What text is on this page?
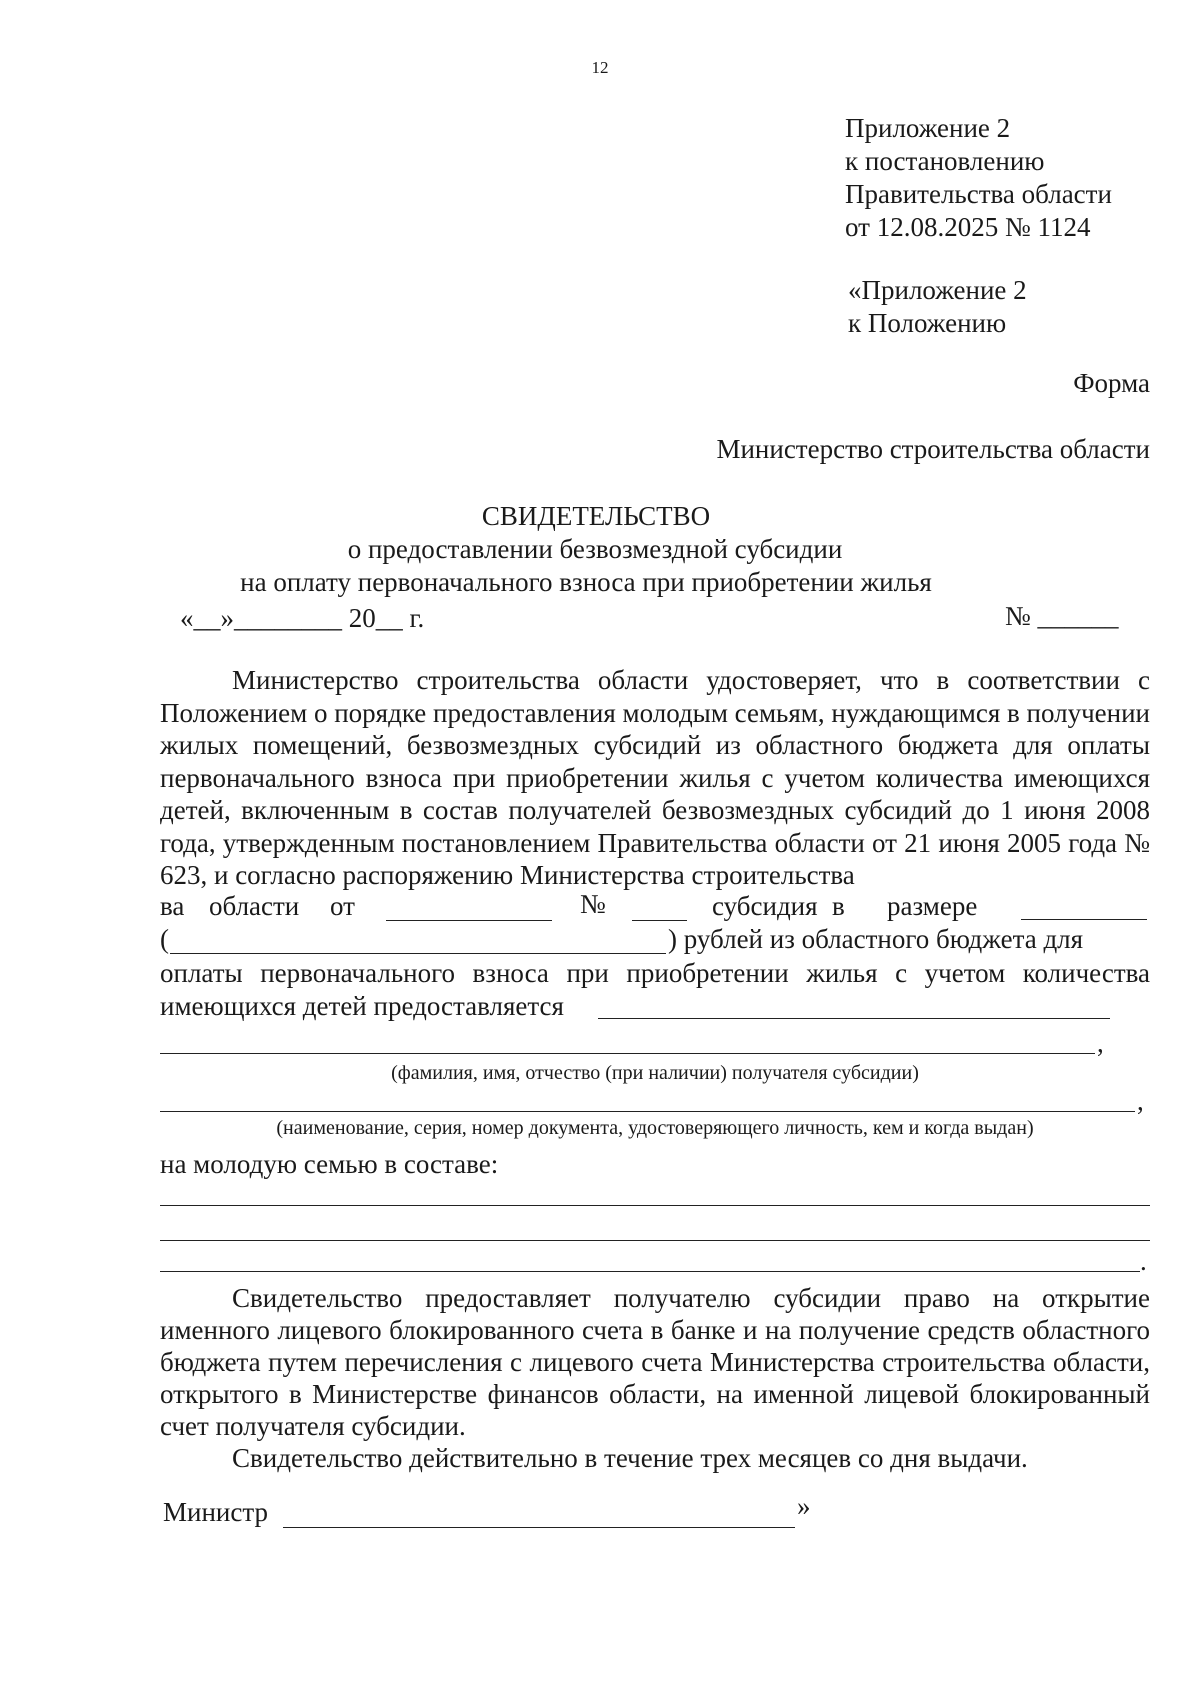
12
Приложение 2
к постановлению
Правительства области
от 12.08.2025 № 1124
«Приложение 2
к Положению
Форма
Министерство строительства области
СВИДЕТЕЛЬСТВО
о предоставлении безвозмездной субсидии
на оплату первоначального взноса при приобретении жилья
«__»________ 20__ г.	№ ______

Министерство строительства области удостоверяет, что в соответствии с Положением о порядке предоставления молодым семьям, нуждающимся в получении жилых помещений, безвозмездных субсидий из областного бюджета для оплаты первоначального взноса при приобретении жилья с учетом количества имеющихся детей, включенным в состав получателей безвозмездных субсидий до 1 июня 2008 года, утвержденным постановлением Правительства области от 21 июня 2005 года № 623, и согласно распоряжению Министерства строительства

ва области от	№	субсидия в размере
(	) рублей из областного бюджета для
оплаты первоначального взноса при приобретении жилья с учетом количества
имеющихся детей предоставляется
,
(фамилия, имя, отчество (при наличии) получателя субсидии)
,
(наименование, серия, номер документа, удостоверяющего личность, кем и когда выдан)
на молодую семью в составе:
.

Свидетельство предоставляет получателю субсидии право на открытие именного лицевого блокированного счета в банке и на получение средств областного бюджета путем перечисления с лицевого счета Министерства строительства области, открытого в Министерстве финансов области, на именной лицевой блокированный счет получателя субсидии.

Свидетельство действительно в течение трех месяцев со дня выдачи.

Министр	»
